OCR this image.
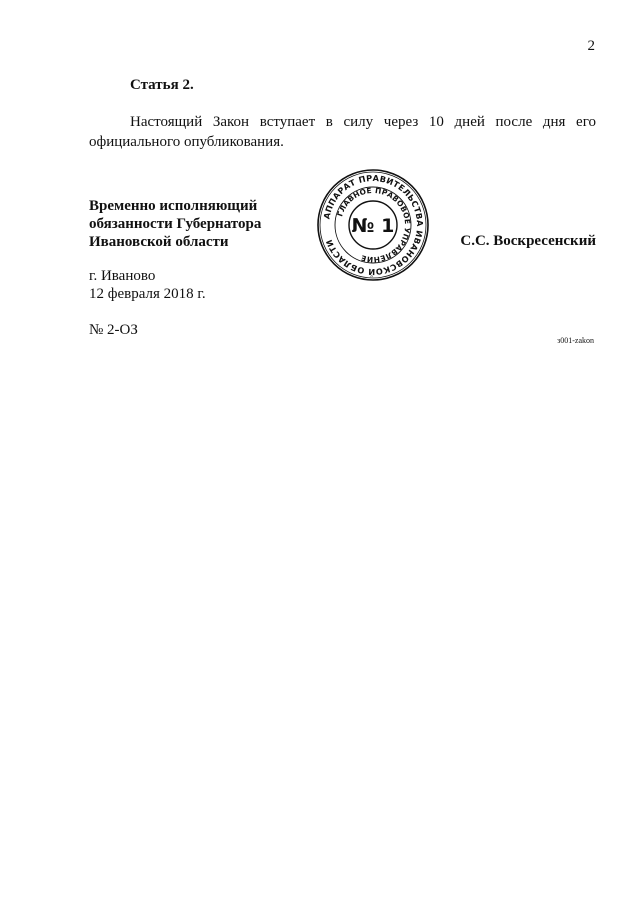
2
Статья 2.
Настоящий Закон вступает в силу через 10 дней после дня его официального опубликования.
Временно исполняющий
обязанности Губернатора
Ивановской области	С.С. Воскресенский
г. Иваново
12 февраля 2018 г.
№ 2-ОЗ
з001-zakon
АППАРАТ ПРАВИТЕЛЬСТВА ИВАНОВСКОЙ ОБЛАСТИ
ГЛАВНОЕ ПРАВОВОЕ УПРАВЛЕНИЕ
№ 1
